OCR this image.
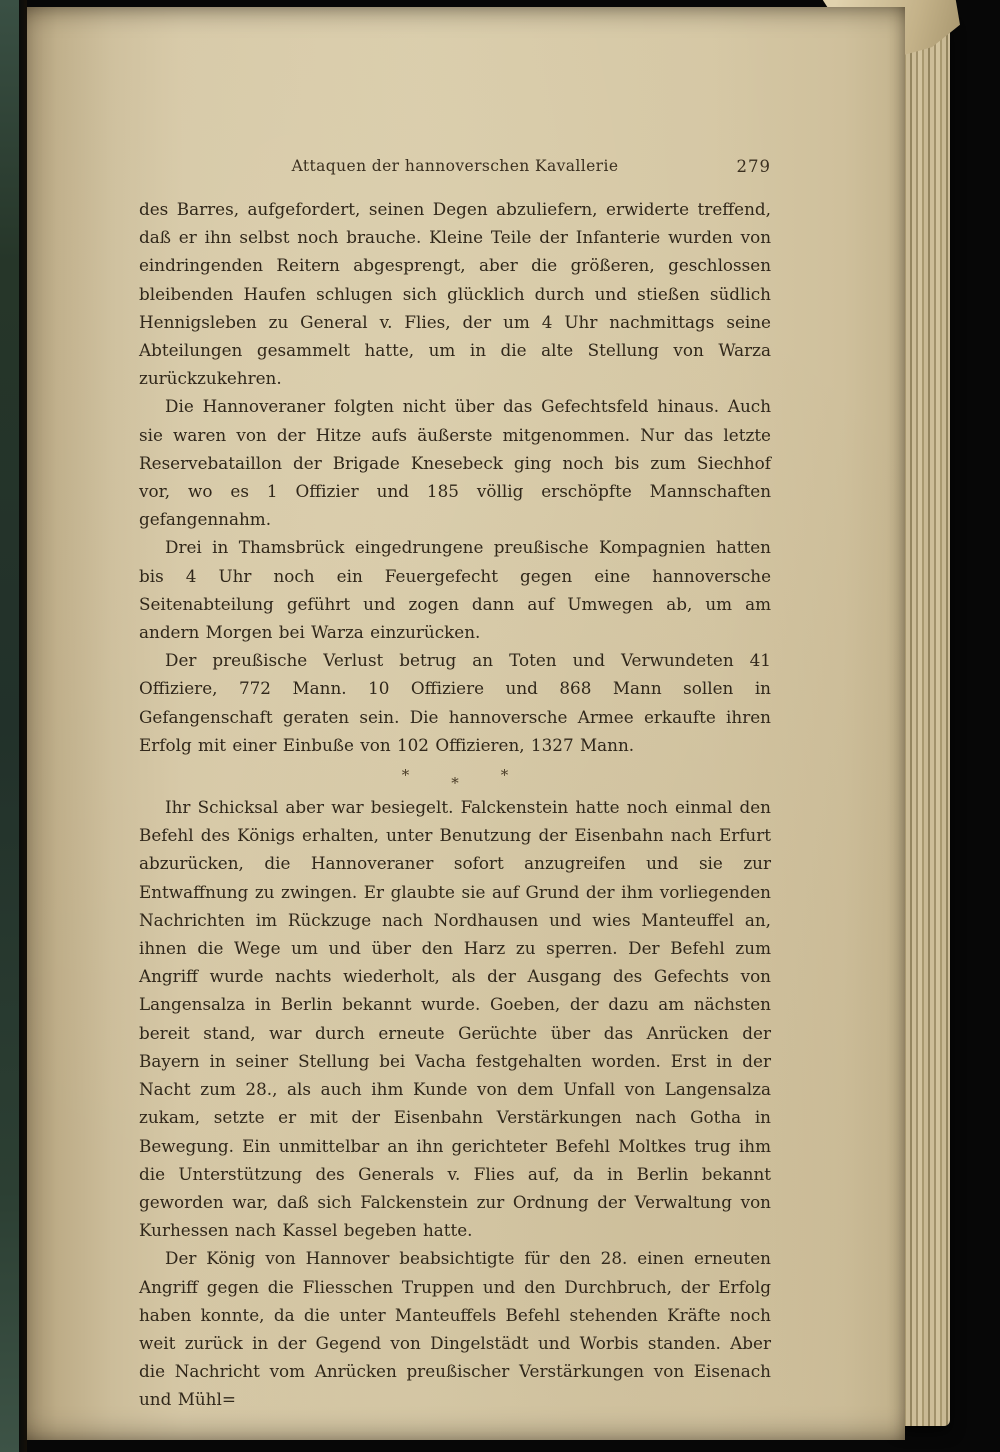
Attaquen der hannoverschen Kavallerie	279

des Barres, aufgefordert, seinen Degen abzuliefern, erwiderte treffend, daß er ihn selbst noch brauche. Kleine Teile der Infanterie wurden von eindringenden Reitern abgesprengt, aber die größeren, geschlossen bleibenden Haufen schlugen sich glücklich durch und stießen südlich Hennigsleben zu General v. Flies, der um 4 Uhr nachmittags seine Abteilungen gesammelt hatte, um in die alte Stellung von Warza zurückzukehren.

Die Hannoveraner folgten nicht über das Gefechtsfeld hinaus. Auch sie waren von der Hitze aufs äußerste mitgenommen. Nur das letzte Reservebataillon der Brigade Knesebeck ging noch bis zum Siechhof vor, wo es 1 Offizier und 185 völlig erschöpfte Mannschaften gefangennahm.

Drei in Thamsbrück eingedrungene preußische Kompagnien hatten bis 4 Uhr noch ein Feuergefecht gegen eine hannoversche Seitenabteilung geführt und zogen dann auf Umwegen ab, um am andern Morgen bei Warza einzurücken.

Der preußische Verlust betrug an Toten und Verwundeten 41 Offiziere, 772 Mann. 10 Offiziere und 868 Mann sollen in Gefangenschaft geraten sein. Die hannoversche Armee erkaufte ihren Erfolg mit einer Einbuße von 102 Offizieren, 1327 Mann.

*	*	*

Ihr Schicksal aber war besiegelt. Falckenstein hatte noch einmal den Befehl des Königs erhalten, unter Benutzung der Eisenbahn nach Erfurt abzurücken, die Hannoveraner sofort anzugreifen und sie zur Entwaffnung zu zwingen. Er glaubte sie auf Grund der ihm vorliegenden Nachrichten im Rückzuge nach Nordhausen und wies Manteuffel an, ihnen die Wege um und über den Harz zu sperren. Der Befehl zum Angriff wurde nachts wiederholt, als der Ausgang des Gefechts von Langensalza in Berlin bekannt wurde. Goeben, der dazu am nächsten bereit stand, war durch erneute Gerüchte über das Anrücken der Bayern in seiner Stellung bei Vacha festgehalten worden. Erst in der Nacht zum 28., als auch ihm Kunde von dem Unfall von Langensalza zukam, setzte er mit der Eisenbahn Verstärkungen nach Gotha in Bewegung. Ein unmittelbar an ihn gerichteter Befehl Moltkes trug ihm die Unterstützung des Generals v. Flies auf, da in Berlin bekannt geworden war, daß sich Falckenstein zur Ordnung der Verwaltung von Kurhessen nach Kassel begeben hatte.

Der König von Hannover beabsichtigte für den 28. einen erneuten Angriff gegen die Fliesschen Truppen und den Durchbruch, der Erfolg haben konnte, da die unter Manteuffels Befehl stehenden Kräfte noch weit zurück in der Gegend von Dingelstädt und Worbis standen. Aber die Nachricht vom Anrücken preußischer Verstärkungen von Eisenach und Mühl=
